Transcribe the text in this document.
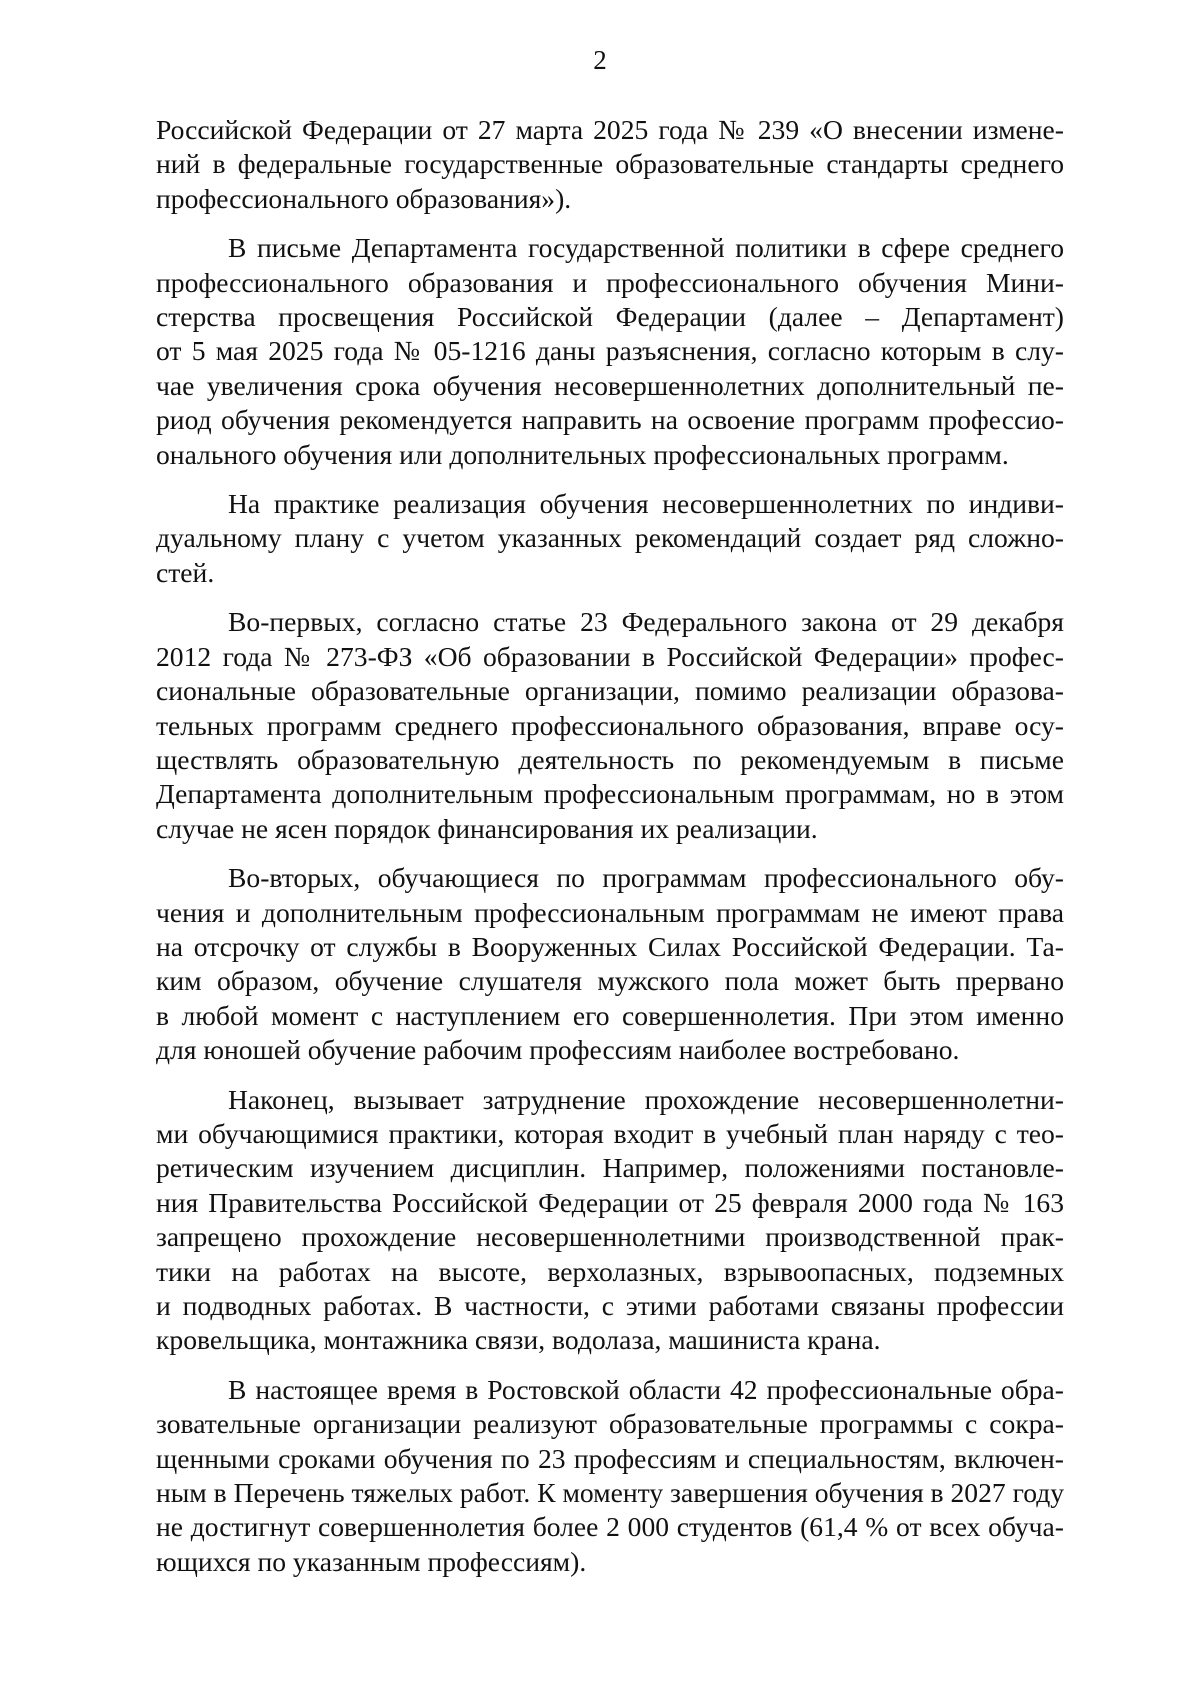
2

Российской Федерации от 27 марта 2025 года № 239 «О внесении измене-
ний в федеральные государственные образовательные стандарты среднего
профессионального образования»).

В письме Департамента государственной политики в сфере среднего
профессионального образования и профессионального обучения Мини-
стерства просвещения Российской Федерации (далее – Департамент)
от 5 мая 2025 года № 05-1216 даны разъяснения, согласно которым в слу-
чае увеличения срока обучения несовершеннолетних дополнительный пе-
риод обучения рекомендуется направить на освоение программ профессио-
онального обучения или дополнительных профессиональных программ.

На практике реализация обучения несовершеннолетних по индиви-
дуальному плану с учетом указанных рекомендаций создает ряд сложно-
стей.

Во-первых, согласно статье 23 Федерального закона от 29 декабря
2012 года № 273-ФЗ «Об образовании в Российской Федерации» профес-
сиональные образовательные организации, помимо реализации образова-
тельных программ среднего профессионального образования, вправе осу-
ществлять образовательную деятельность по рекомендуемым в письме
Департамента дополнительным профессиональным программам, но в этом
случае не ясен порядок финансирования их реализации.

Во-вторых, обучающиеся по программам профессионального обу-
чения и дополнительным профессиональным программам не имеют права
на отсрочку от службы в Вооруженных Силах Российской Федерации. Та-
ким образом, обучение слушателя мужского пола может быть прервано
в любой момент с наступлением его совершеннолетия. При этом именно
для юношей обучение рабочим профессиям наиболее востребовано.

Наконец, вызывает затруднение прохождение несовершеннолетни-
ми обучающимися практики, которая входит в учебный план наряду с тео-
ретическим изучением дисциплин. Например, положениями постановле-
ния Правительства Российской Федерации от 25 февраля 2000 года № 163
запрещено прохождение несовершеннолетними производственной прак-
тики на работах на высоте, верхолазных, взрывоопасных, подземных
и подводных работах. В частности, с этими работами связаны профессии
кровельщика, монтажника связи, водолаза, машиниста крана.

В настоящее время в Ростовской области 42 профессиональные обра-
зовательные организации реализуют образовательные программы с сокра-
щенными сроками обучения по 23 профессиям и специальностям, включен-
ным в Перечень тяжелых работ. К моменту завершения обучения в 2027 году
не достигнут совершеннолетия более 2 000 студентов (61,4 % от всех обуча-
ющихся по указанным профессиям).
